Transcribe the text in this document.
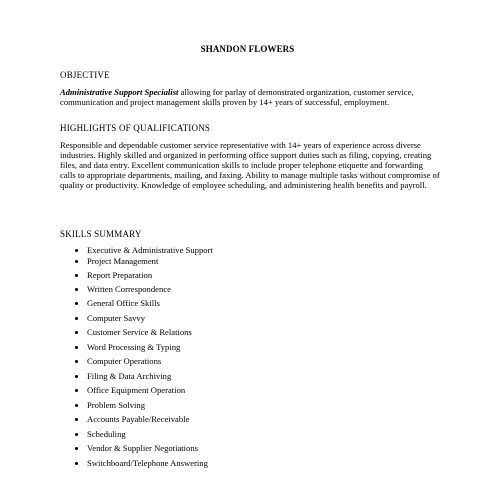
SHANDON FLOWERS
OBJECTIVE
Administrative Support Specialist allowing for parlay of demonstrated organization, customer service, communication and project management skills proven by 14+ years of successful, employment.
HIGHLIGHTS OF QUALIFICATIONS
Responsible and dependable customer service representative with 14+ years of experience across diverse industries. Highly skilled and organized in performing office support duties such as filing, copying, creating files, and data entry. Excellent communication skills to include proper telephone etiquette and forwarding calls to appropriate departments, mailing, and faxing. Ability to manage multiple tasks without compromise of quality or productivity. Knowledge of employee scheduling, and administering health benefits and payroll.
SKILLS SUMMARY
Executive & Administrative Support
Project Management
Report Preparation
Written Correspondence
General Office Skills
Computer Savvy
Customer Service & Relations
Word Processing & Typing
Computer Operations
Filing & Data Archiving
Office Equipment Operation
Problem Solving
Accounts Payable/Receivable
Scheduling
Vendor & Supplier Negotiations
Switchboard/Telephone Answering
